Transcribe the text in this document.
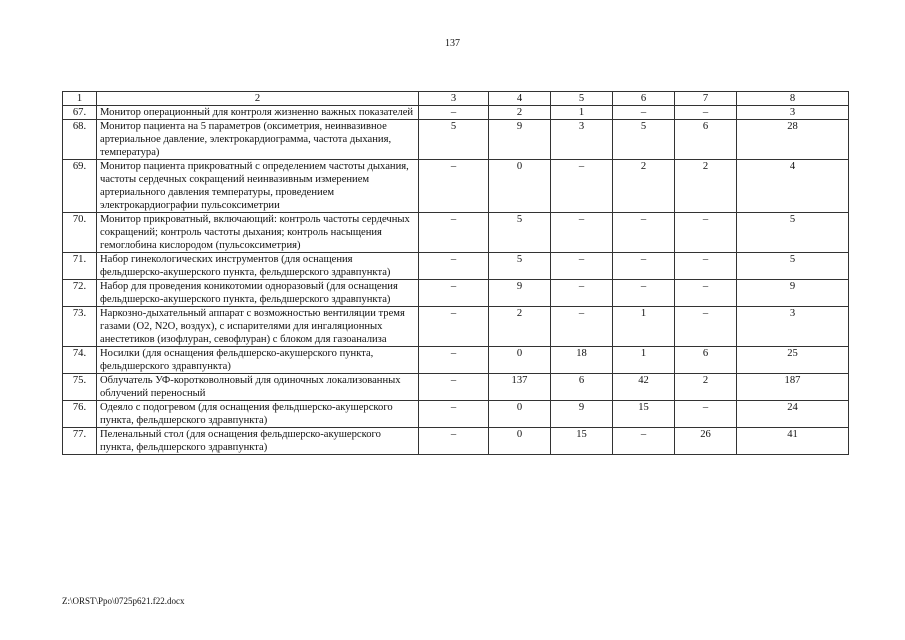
137
1	2	3	4	5	6	7	8
67.	Монитор операционный для контроля жизненно важных показателей	–	2	1	–	–	3
68.	Монитор пациента на 5 параметров (оксиметрия, неинвазивное артериальное давление, электрокардиограмма, частота дыхания, температура)	5	9	3	5	6	28
69.	Монитор пациента прикроватный с определением частоты дыхания, частоты сердечных сокращений неинвазивным измерением артериального давления температуры, проведением электрокардиографии пульсоксиметрии	–	0	–	2	2	4
70.	Монитор прикроватный, включающий: контроль частоты сердечных сокращений; контроль частоты дыхания; контроль насыщения гемоглобина кислородом (пульсоксиметрия)	–	5	–	–	–	5
71.	Набор гинекологических инструментов (для оснащения фельдшерско-акушерского пункта, фельдшерского здравпункта)	–	5	–	–	–	5
72.	Набор для проведения коникотомии одноразовый (для оснащения фельдшерско-акушерского пункта, фельдшерского здравпункта)	–	9	–	–	–	9
73.	Наркозно-дыхательный аппарат с возможностью вентиляции тремя газами (O2, N2O, воздух), с испарителями для ингаляционных анестетиков (изофлуран, севофлуран) с блоком для газоанализа	–	2	–	1	–	3
74.	Носилки (для оснащения фельдшерско-акушерского пункта, фельдшерского здравпункта)	–	0	18	1	6	25
75.	Облучатель УФ-коротковолновый для одиночных локализованных облучений переносный	–	137	6	42	2	187
76.	Одеяло с подогревом (для оснащения фельдшерско-акушерского пункта, фельдшерского здравпункта)	–	0	9	15	–	24
77.	Пеленальный стол (для оснащения фельдшерско-акушерского пункта, фельдшерского здравпункта)	–	0	15	–	26	41
Z:\ORST\Ppo\0725p621.f22.docx
